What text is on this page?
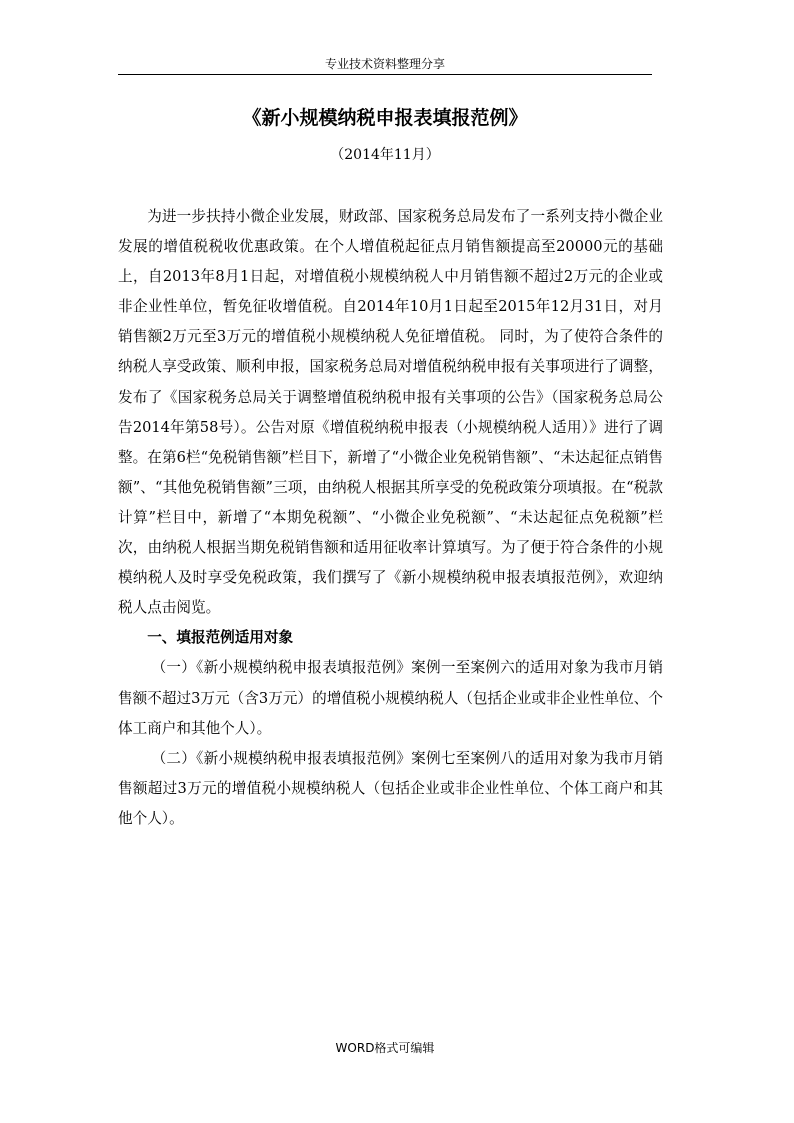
专业技术资料整理分享
《新小规模纳税申报表填报范例》
（2014年11月）

为进一步扶持小微企业发展，财政部、国家税务总局发布了一系列支持小微企业发展的增值税税收优惠政策。在个人增值税起征点月销售额提高至20000元的基础上，自2013年8月1日起，对增值税小规模纳税人中月销售额不超过2万元的企业或非企业性单位，暂免征收增值税。自2014年10月1日起至2015年12月31日，对月销售额2万元至3万元的增值税小规模纳税人免征增值税。 同时，为了使符合条件的纳税人享受政策、顺利申报，国家税务总局对增值税纳税申报有关事项进行了调整，发布了《国家税务总局关于调整增值税纳税申报有关事项的公告》（国家税务总局公告2014年第58号）。公告对原《增值税纳税申报表（小规模纳税人适用）》进行了调整。在第6栏“免税销售额”栏目下，新增了“小微企业免税销售额”、“未达起征点销售额”、“其他免税销售额”三项，由纳税人根据其所享受的免税政策分项填报。在“税款计算”栏目中，新增了“本期免税额”、“小微企业免税额”、“未达起征点免税额”栏次，由纳税人根据当期免税销售额和适用征收率计算填写。为了便于符合条件的小规模纳税人及时享受免税政策，我们撰写了《新小规模纳税申报表填报范例》，欢迎纳税人点击阅览。

一、填报范例适用对象

（一）《新小规模纳税申报表填报范例》案例一至案例六的适用对象为我市月销售额不超过3万元（含3万元）的增值税小规模纳税人（包括企业或非企业性单位、个体工商户和其他个人）。

（二）《新小规模纳税申报表填报范例》案例七至案例八的适用对象为我市月销售额超过3万元的增值税小规模纳税人（包括企业或非企业性单位、个体工商户和其他个人）。

WORD格式可编辑
